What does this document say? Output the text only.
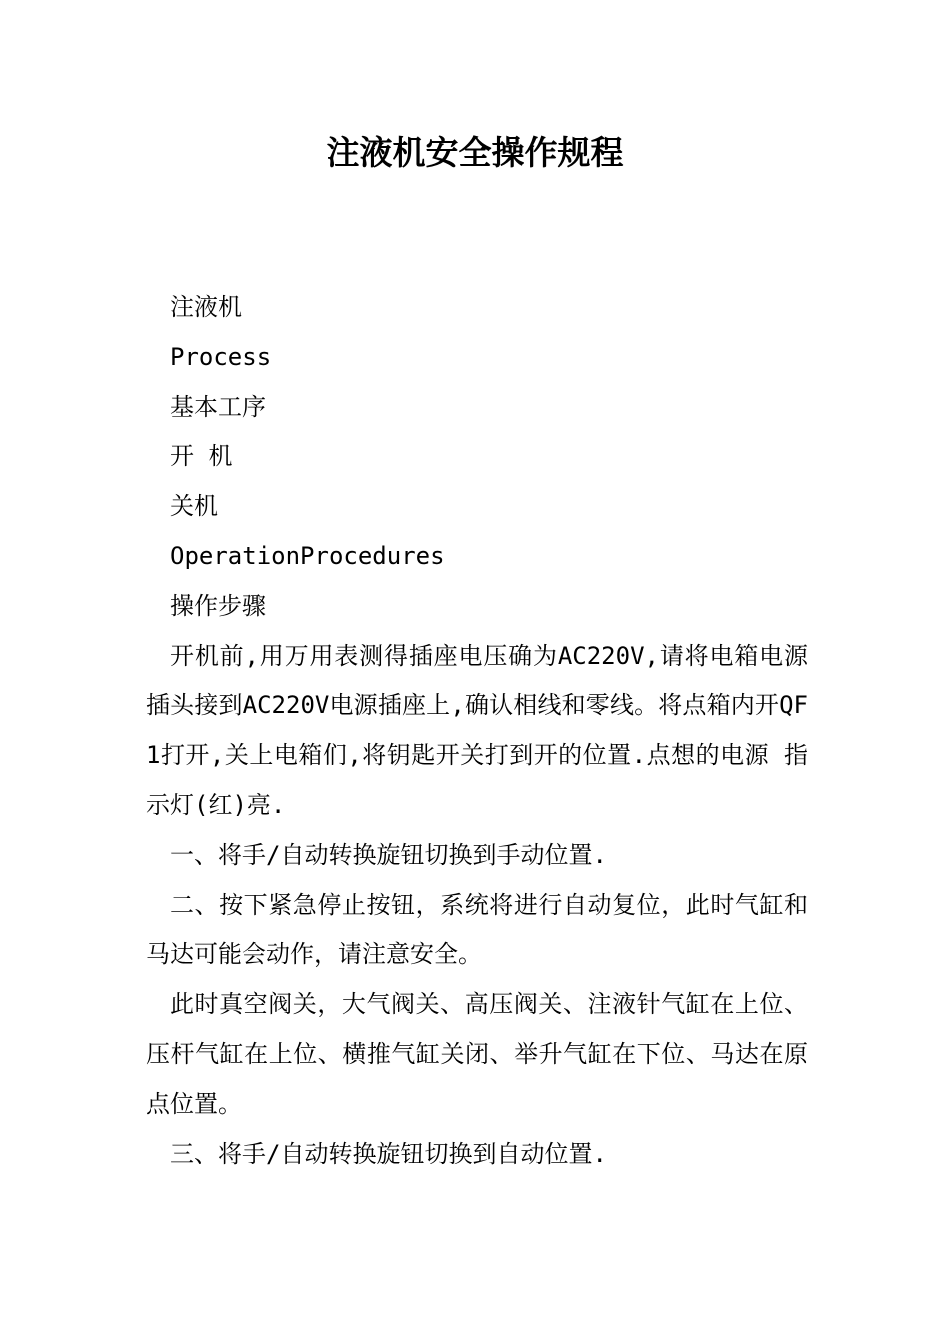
注液机安全操作规程

注液机

Process

基本工序

开 机

关机

OperationProcedures

操作步骤

开机前,用万用表测得插座电压确为AC220V,请将电箱电源插头接到AC220V电源插座上,确认相线和零线。将点箱内开QF1打开,关上电箱们,将钥匙开关打到开的位置.点想的电源 指示灯(红)亮.

一、将手/自动转换旋钮切换到手动位置.

二、按下紧急停止按钮，系统将进行自动复位，此时气缸和马达可能会动作，请注意安全。

此时真空阀关，大气阀关、高压阀关、注液针气缸在上位、压杆气缸在上位、横推气缸关闭、举升气缸在下位、马达在原点位置。

三、将手/自动转换旋钮切换到自动位置.
